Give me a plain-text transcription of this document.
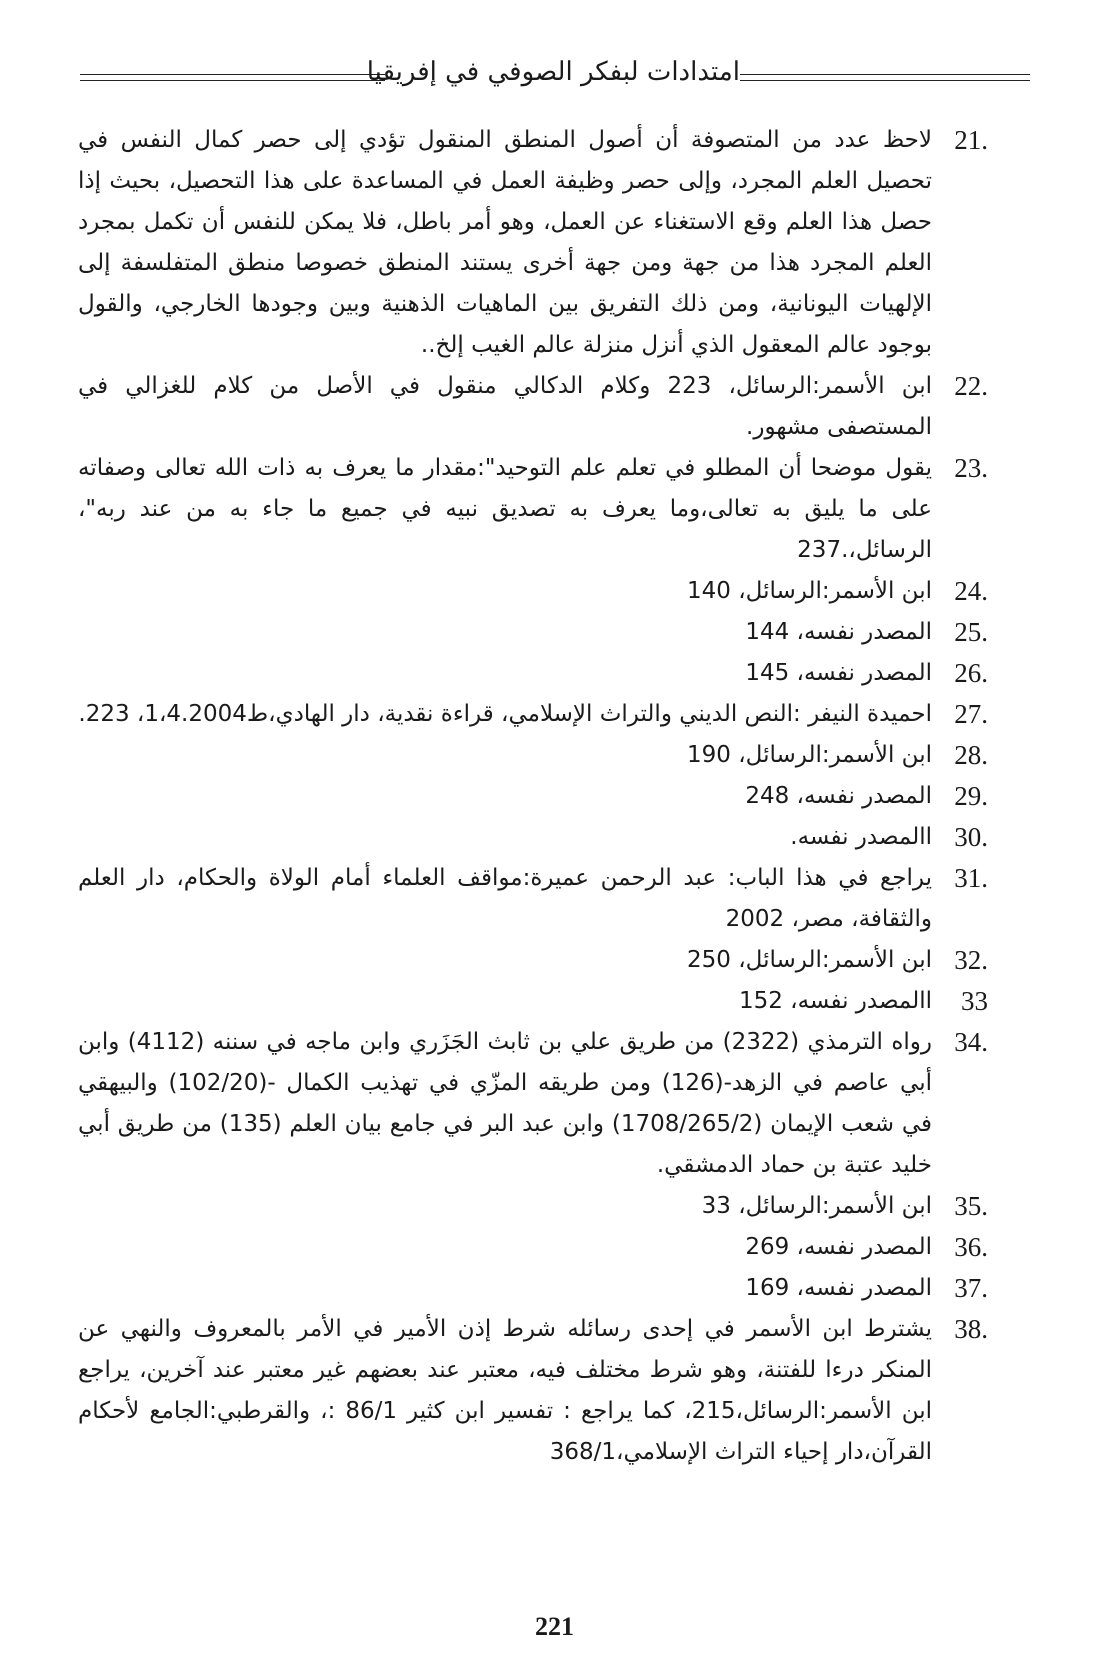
امتدادات لبفكر الصوفي في إفريقيا
21.
لاحظ عدد من المتصوفة أن أصول المنطق المنقول تؤدي إلى حصر كمال النفس في تحصيل العلم المجرد، وإلى حصر وظيفة العمل في المساعدة على هذا التحصيل، بحيث إذا حصل هذا العلم وقع الاستغناء عن العمل، وهو أمر باطل، فلا يمكن للنفس أن تكمل بمجرد العلم المجرد هذا من جهة ومن جهة أخرى يستند المنطق خصوصا منطق المتفلسفة إلى الإلهيات اليونانية، ومن ذلك التفريق بين الماهيات الذهنية وبين وجودها الخارجي، والقول بوجود عالم المعقول الذي أنزل منزلة عالم الغيب إلخ..
22.
ابن الأسمر:الرسائل، 223 وكلام الدكالي منقول في الأصل من كلام للغزالي في المستصفى مشهور.
23.
يقول موضحا أن المطلو في تعلم علم التوحيد":مقدار ما يعرف به ذات الله تعالى وصفاته على ما يليق به تعالى،وما يعرف به تصديق نبيه في جميع ما جاء به من عند ربه"، الرسائل،.237
24.
ابن الأسمر:الرسائل، 140
25.
المصدر نفسه، 144
26.
المصدر نفسه، 145
27.
احميدة النيفر :النص الديني والتراث الإسلامي، قراءة نقدية، دار الهادي،ط1،4.2004، 223.
28.
ابن الأسمر:الرسائل، 190
29.
المصدر نفسه، 248
30.
االمصدر نفسه.
31.
يراجع في هذا الباب: عبد الرحمن عميرة:مواقف العلماء أمام الولاة والحكام، دار العلم والثقافة، مصر، 2002
32.
ابن الأسمر:الرسائل، 250
33
االمصدر نفسه، 152
34.
رواه الترمذي (2322) من طريق علي بن ثابث الجَزَري وابن ماجه في سننه (4112) وابن أبي عاصم في الزهد-(126) ومن طريقه المزّي في تهذيب الكمال -(102/20) والبيهقي في شعب الإيمان (1708/265/2) وابن عبد البر في جامع بيان العلم (135) من طريق أبي خليد عتبة بن حماد الدمشقي.
35.
ابن الأسمر:الرسائل، 33
36.
المصدر نفسه، 269
37.
المصدر نفسه، 169
38.
يشترط ابن الأسمر في إحدى رسائله شرط إذن الأمير في الأمر بالمعروف والنهي عن المنكر درءا للفتنة، وهو شرط مختلف فيه، معتبر عند بعضهم غير معتبر عند آخرين، يراجع ابن الأسمر:الرسائل،215، كما يراجع : تفسير ابن كثير 86/1 :، والقرطبي:الجامع لأحكام القرآن،دار إحياء التراث الإسلامي،368/1
221
